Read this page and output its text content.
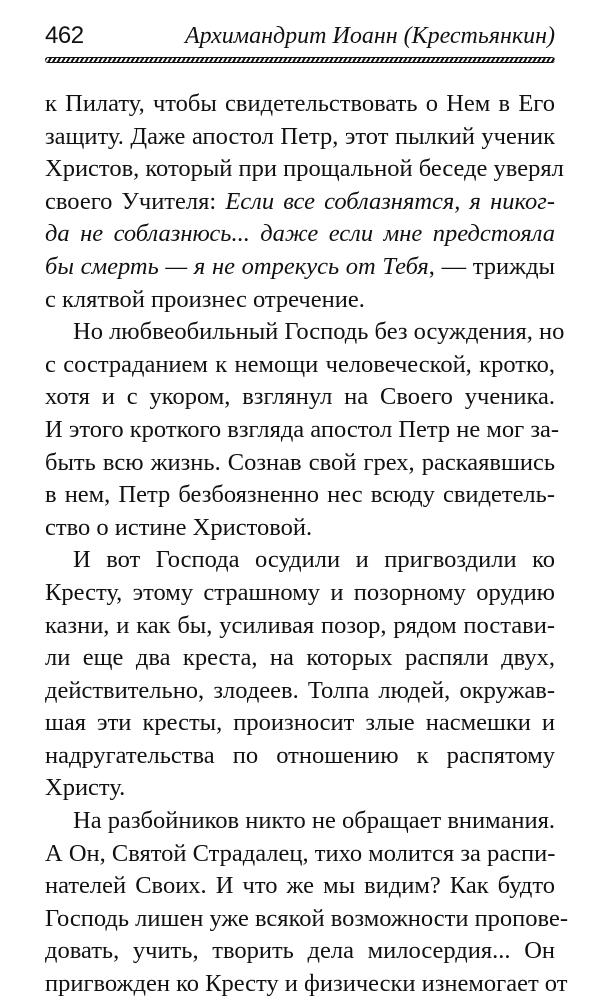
462	Архимандрит Иоанн (Крестьянкин)
к Пилату, чтобы свидетельствовать о Нем в Его
защиту. Даже апостол Петр, этот пылкий ученик
Христов, который при прощальной беседе уверял
своего Учителя: Если все соблазнятся, я никог-
да не соблазнюсь... даже если мне предстояла
бы смерть — я не отрекусь от Тебя, — трижды
с клятвой произнес отречение.
Но любвеобильный Господь без осуждения, но
с состраданием к немощи человеческой, кротко,
хотя и с укором, взглянул на Своего ученика.
И этого кроткого взгляда апостол Петр не мог за-
быть всю жизнь. Сознав свой грех, раскаявшись
в нем, Петр безбоязненно нес всюду свидетель-
ство о истине Христовой.
И вот Господа осудили и пригвоздили ко
Кресту, этому страшному и позорному орудию
казни, и как бы, усиливая позор, рядом постави-
ли еще два креста, на которых распяли двух,
действительно, злодеев. Толпа людей, окружав-
шая эти кресты, произносит злые насмешки и
надругательства по отношению к распятому
Христу.
На разбойников никто не обращает внимания.
А Он, Святой Страдалец, тихо молится за распи-
нателей Своих. И что же мы видим? Как будто
Господь лишен уже всякой возможности пропове-
довать, учить, творить дела милосердия... Он
пригвожден ко Кресту и физически изнемогает от
